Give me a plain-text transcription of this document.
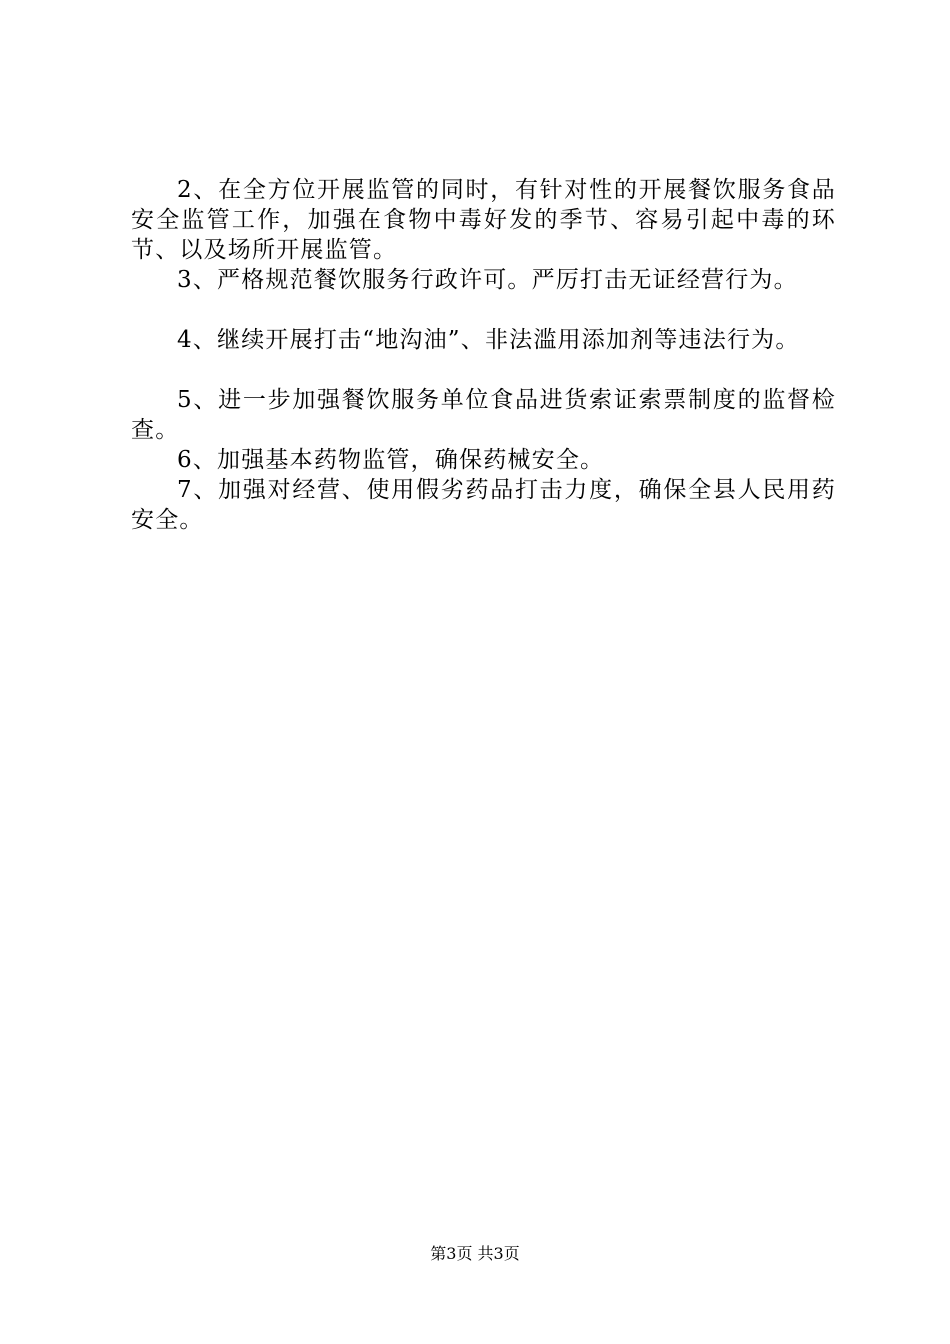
2、在全方位开展监管的同时，有针对性的开展餐饮服务食品安全监管工作，加强在食物中毒好发的季节、容易引起中毒的环节、以及场所开展监管。

3、严格规范餐饮服务行政许可。严厉打击无证经营行为。

4、继续开展打击“地沟油”、非法滥用添加剂等违法行为。

5、进一步加强餐饮服务单位食品进货索证索票制度的监督检查。

6、加强基本药物监管，确保药械安全。

7、加强对经营、使用假劣药品打击力度，确保全县人民用药安全。

第3页 共3页
